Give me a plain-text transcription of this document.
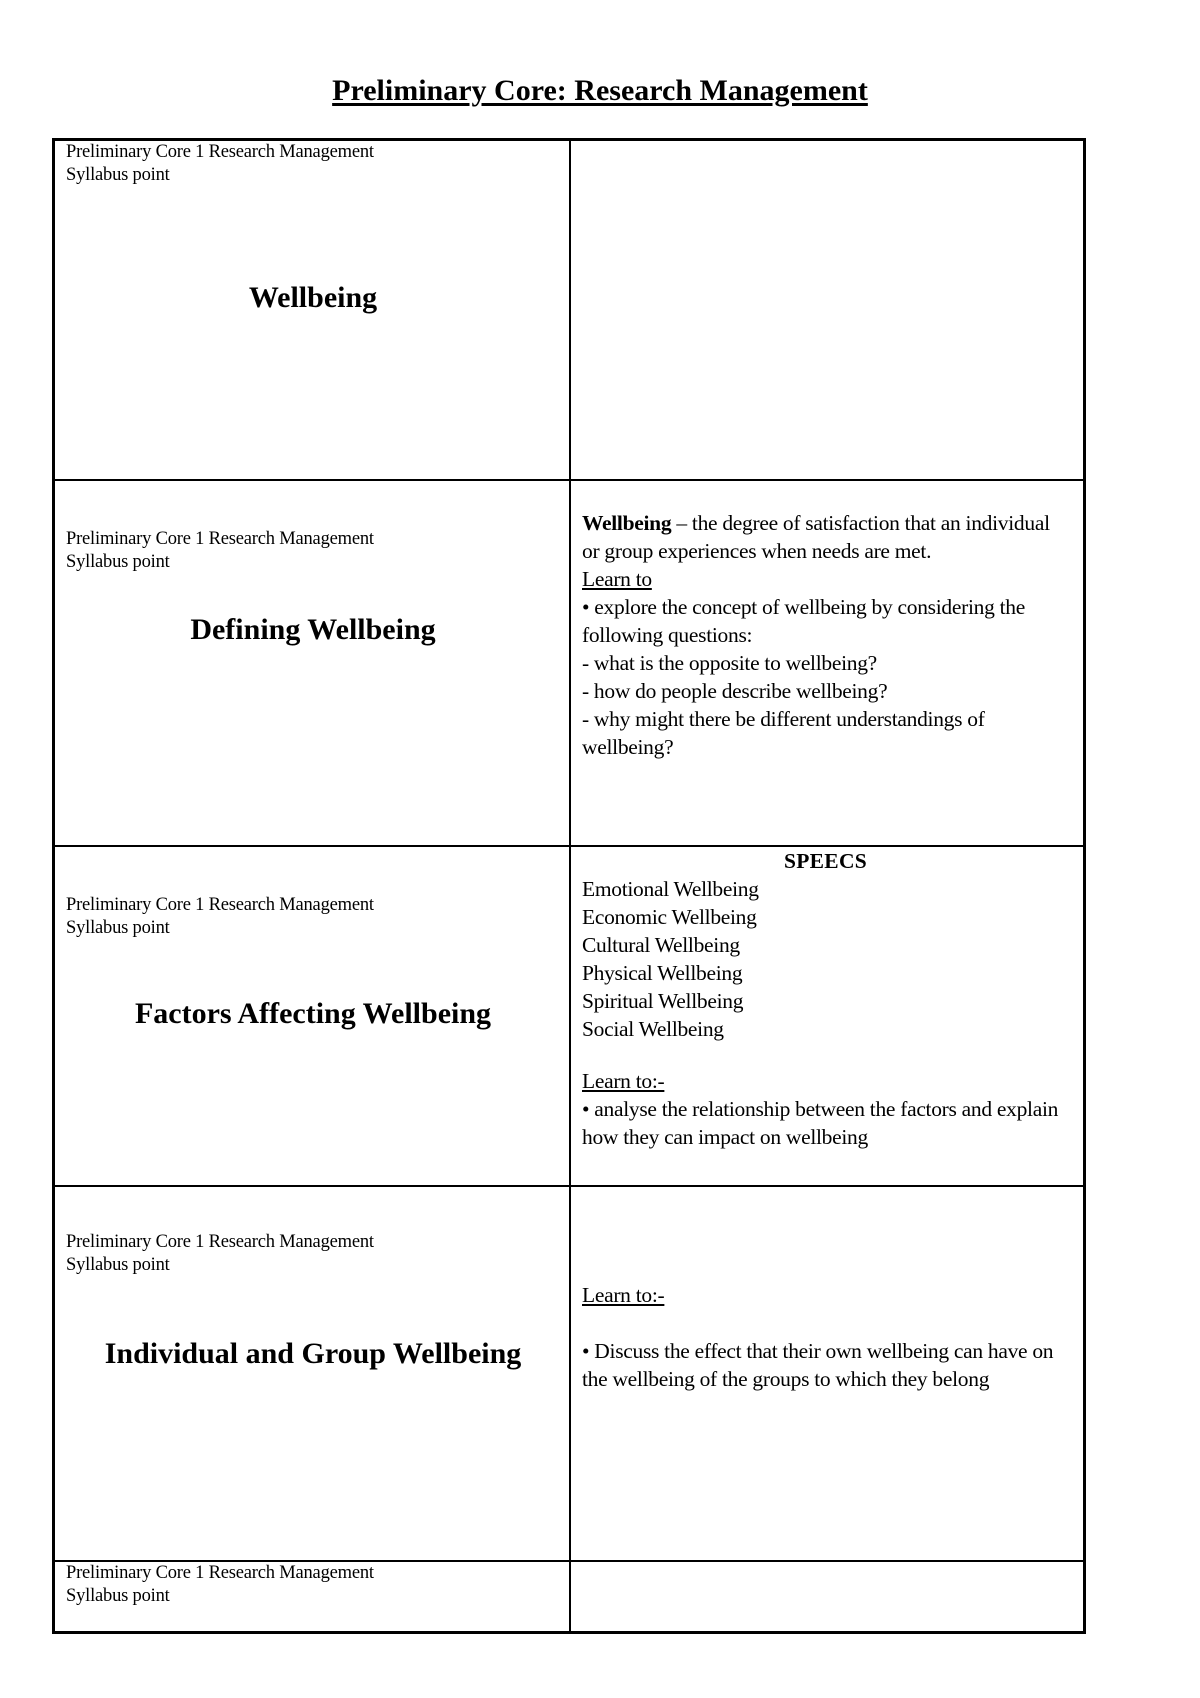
Preliminary Core: Research Management
Preliminary Core 1 Research Management
Syllabus point
Wellbeing
Preliminary Core 1 Research Management
Syllabus point
Defining Wellbeing
Wellbeing – the degree of satisfaction that an individual or group experiences when needs are met.
Learn to
• explore the concept of wellbeing by considering the following questions:
- what is the opposite to wellbeing?
- how do people describe wellbeing?
- why might there be different understandings of wellbeing?
Preliminary Core 1 Research Management
Syllabus point
Factors Affecting Wellbeing
SPEECS
Emotional Wellbeing
Economic Wellbeing
Cultural Wellbeing
Physical Wellbeing
Spiritual Wellbeing
Social Wellbeing
Learn to:-
• analyse the relationship between the factors and explain how they can impact on wellbeing
Preliminary Core 1 Research Management
Syllabus point
Individual and Group Wellbeing
Learn to:-
• Discuss the effect that their own wellbeing can have on the wellbeing of the groups to which they belong
Preliminary Core 1 Research Management
Syllabus point
